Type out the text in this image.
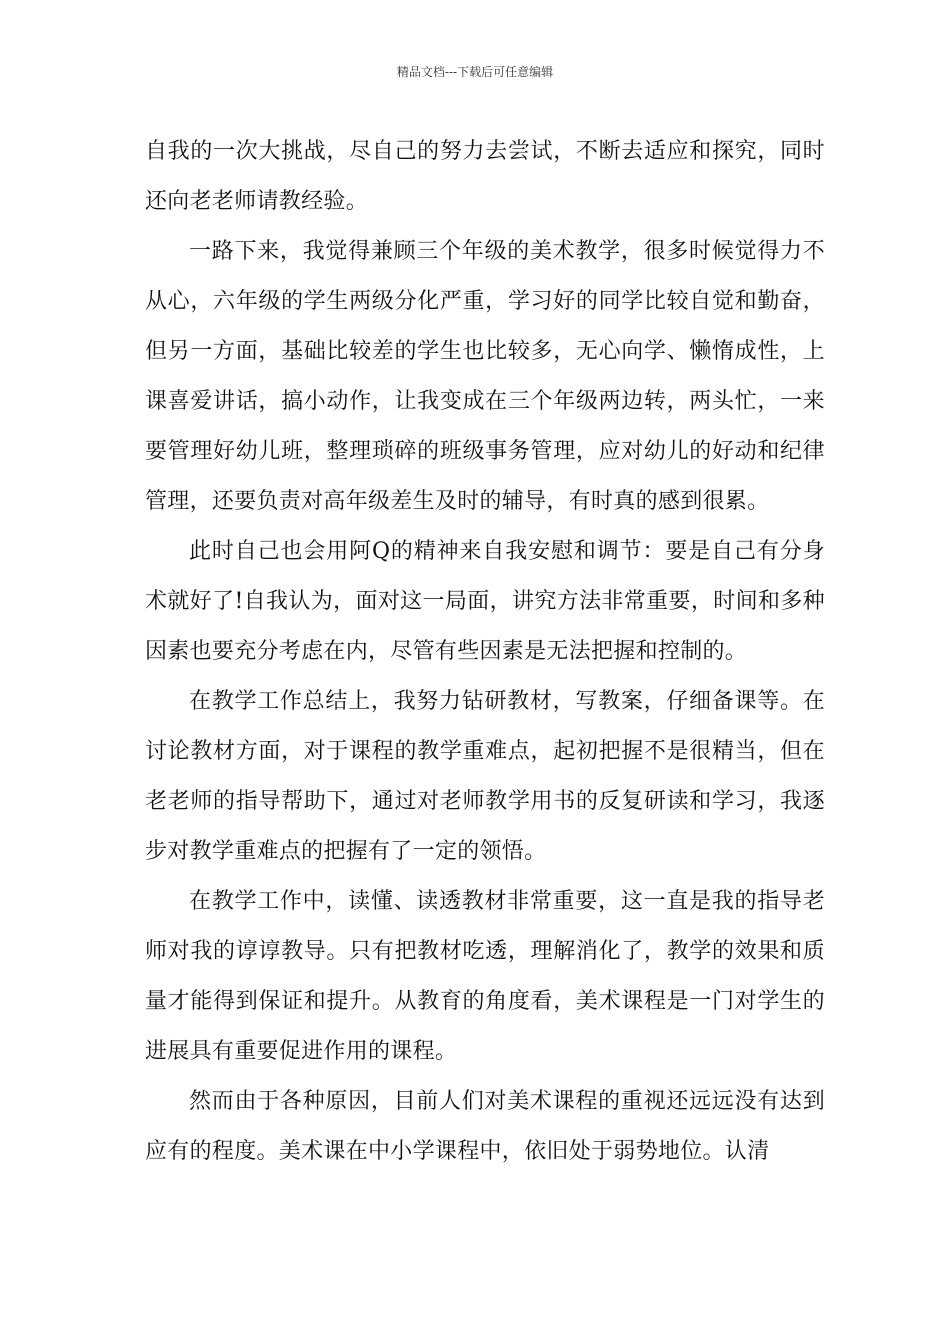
精品文档---下载后可任意编辑

自我的一次大挑战，尽自己的努力去尝试，不断去适应和探究，同时还向老老师请教经验。

一路下来，我觉得兼顾三个年级的美术教学，很多时候觉得力不从心，六年级的学生两级分化严重，学习好的同学比较自觉和勤奋，但另一方面，基础比较差的学生也比较多，无心向学、懒惰成性，上课喜爱讲话，搞小动作，让我变成在三个年级两边转，两头忙，一来要管理好幼儿班，整理琐碎的班级事务管理，应对幼儿的好动和纪律管理，还要负责对高年级差生及时的辅导，有时真的感到很累。

此时自己也会用阿Q的精神来自我安慰和调节：要是自己有分身术就好了!自我认为，面对这一局面，讲究方法非常重要，时间和多种因素也要充分考虑在内，尽管有些因素是无法把握和控制的。

在教学工作总结上，我努力钻研教材，写教案，仔细备课等。在讨论教材方面，对于课程的教学重难点，起初把握不是很精当，但在老老师的指导帮助下，通过对老师教学用书的反复研读和学习，我逐步对教学重难点的把握有了一定的领悟。

在教学工作中，读懂、读透教材非常重要，这一直是我的指导老师对我的谆谆教导。只有把教材吃透，理解消化了，教学的效果和质量才能得到保证和提升。从教育的角度看，美术课程是一门对学生的进展具有重要促进作用的课程。

然而由于各种原因，目前人们对美术课程的重视还远远没有达到应有的程度。美术课在中小学课程中，依旧处于弱势地位。认清
